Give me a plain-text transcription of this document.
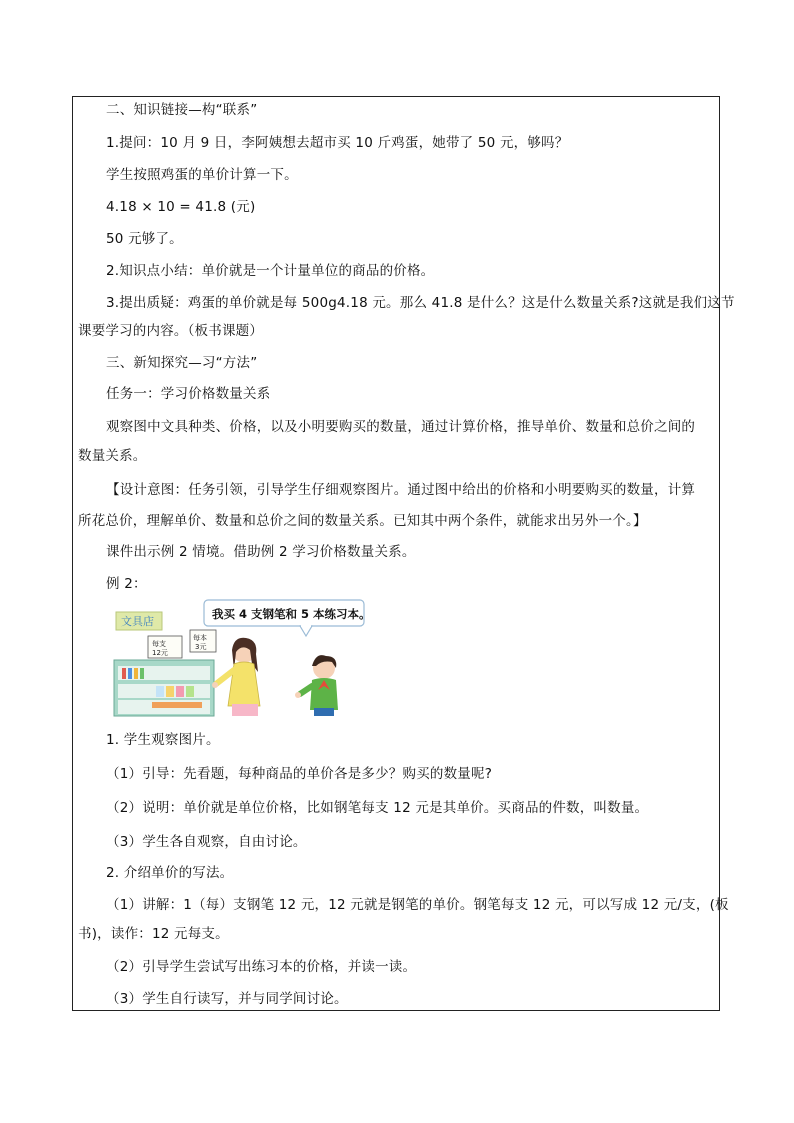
二、知识链接—构“联系”
1.提问：10 月 9 日，李阿姨想去超市买 10 斤鸡蛋，她带了 50 元，够吗？
学生按照鸡蛋的单价计算一下。
4.18 × 10 = 41.8 (元)
50 元够了。
2.知识点小结：单价就是一个计量单位的商品的价格。
3.提出质疑：鸡蛋的单价就是每 500g4.18 元。那么 41.8 是什么？这是什么数量关系?这就是我们这节
课要学习的内容。（板书课题）
三、新知探究—习“方法”
任务一：学习价格数量关系
观察图中文具种类、价格，以及小明要购买的数量，通过计算价格，推导单价、数量和总价之间的
数量关系。
【设计意图：任务引领，引导学生仔细观察图片。通过图中给出的价格和小明要购买的数量，计算
所花总价，理解单价、数量和总价之间的数量关系。已知其中两个条件，就能求出另外一个。】
课件出示例 2 情境。借助例 2 学习价格数量关系。
例 2：
我买 4 支钢笔和 5 本练习本。
文具店
每支
12元
每本
3元
1. 学生观察图片。
（1）引导：先看题，每种商品的单价各是多少？购买的数量呢?
（2）说明：单价就是单位价格，比如钢笔每支 12 元是其单价。买商品的件数，叫数量。
（3）学生各自观察，自由讨论。
2. 介绍单价的写法。
（1）讲解：1（每）支钢笔 12 元，12 元就是钢笔的单价。钢笔每支 12 元，可以写成 12 元/支，(板
书)，读作：12 元每支。
（2）引导学生尝试写出练习本的价格，并读一读。
（3）学生自行读写，并与同学间讨论。
